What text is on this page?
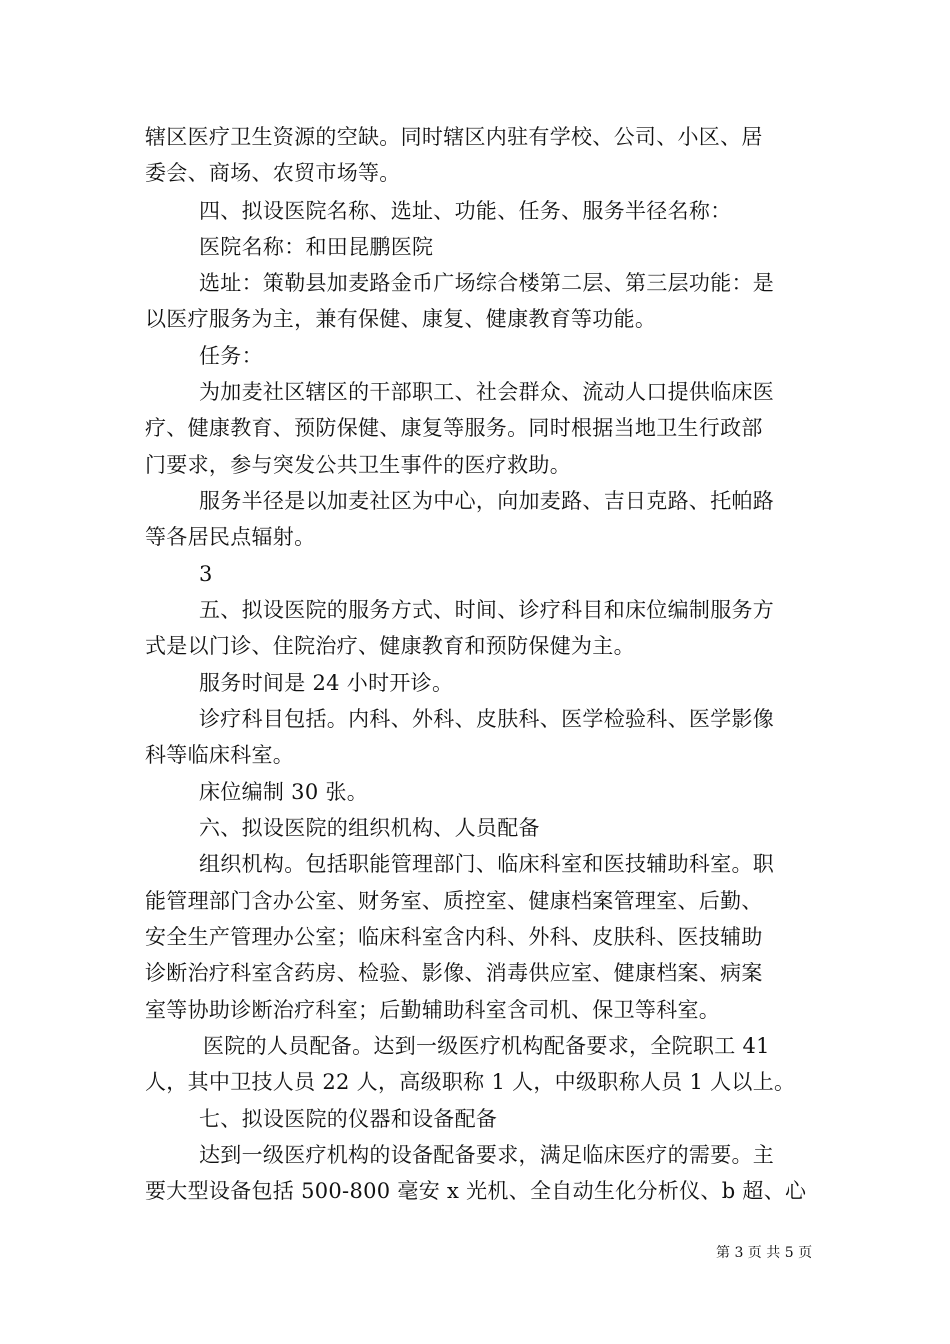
辖区医疗卫生资源的空缺。同时辖区内驻有学校、公司、小区、居
委会、商场、农贸市场等。
四、拟设医院名称、选址、功能、任务、服务半径名称：
医院名称：和田昆鹏医院
选址：策勒县加麦路金币广场综合楼第二层、第三层功能：是
以医疗服务为主，兼有保健、康复、健康教育等功能。
任务：
为加麦社区辖区的干部职工、社会群众、流动人口提供临床医
疗、健康教育、预防保健、康复等服务。同时根据当地卫生行政部
门要求，参与突发公共卫生事件的医疗救助。
服务半径是以加麦社区为中心，向加麦路、吉日克路、托帕路
等各居民点辐射。
3
五、拟设医院的服务方式、时间、诊疗科目和床位编制服务方
式是以门诊、住院治疗、健康教育和预防保健为主。
服务时间是 24 小时开诊。
诊疗科目包括。内科、外科、皮肤科、医学检验科、医学影像
科等临床科室。
床位编制 30 张。
六、拟设医院的组织机构、人员配备
组织机构。包括职能管理部门、临床科室和医技辅助科室。职
能管理部门含办公室、财务室、质控室、健康档案管理室、后勤、
安全生产管理办公室；临床科室含内科、外科、皮肤科、医技辅助
诊断治疗科室含药房、检验、影像、消毒供应室、健康档案、病案
室等协助诊断治疗科室；后勤辅助科室含司机、保卫等科室。
医院的人员配备。达到一级医疗机构配备要求，全院职工 41
人，其中卫技人员 22 人，高级职称 1 人，中级职称人员 1 人以上。
七、拟设医院的仪器和设备配备
达到一级医疗机构的设备配备要求，满足临床医疗的需要。主
要大型设备包括 500-800 毫安 x 光机、全自动生化分析仪、b 超、心
第 3 页 共 5 页
